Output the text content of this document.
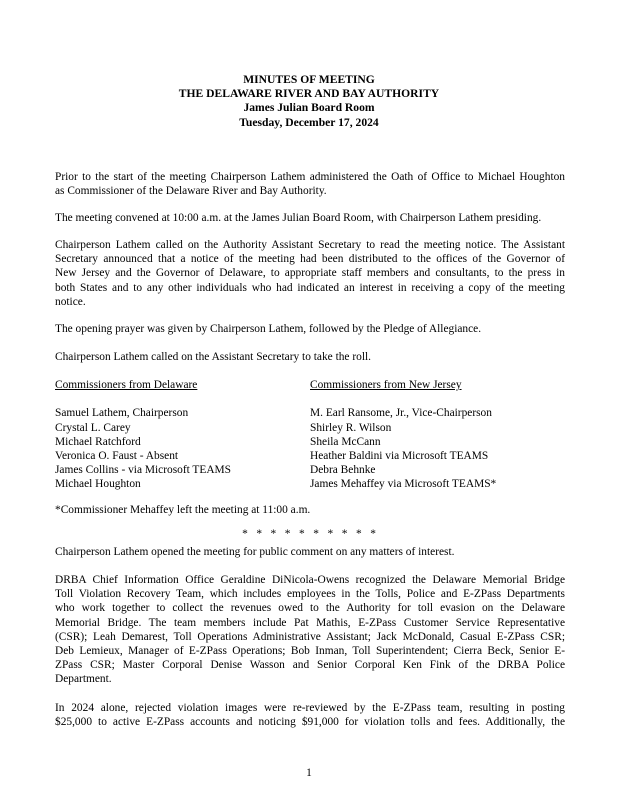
MINUTES OF MEETING
THE DELAWARE RIVER AND BAY AUTHORITY
James Julian Board Room
Tuesday, December 17, 2024
Prior to the start of the meeting Chairperson Lathem administered the Oath of Office to Michael Houghton
as Commissioner of the Delaware River and Bay Authority.
The meeting convened at 10:00 a.m. at the James Julian Board Room, with Chairperson Lathem presiding.
Chairperson Lathem called on the Authority Assistant Secretary to read the meeting notice. The Assistant
Secretary announced that a notice of the meeting had been distributed to the offices of the Governor of
New Jersey and the Governor of Delaware, to appropriate staff members and consultants, to the press in
both States and to any other individuals who had indicated an interest in receiving a copy of the meeting
notice.
The opening prayer was given by Chairperson Lathem, followed by the Pledge of Allegiance.
Chairperson Lathem called on the Assistant Secretary to take the roll.
Commissioners from Delaware
Samuel Lathem, Chairperson
Crystal L. Carey
Michael Ratchford
Veronica O. Faust - Absent
James Collins - via Microsoft TEAMS
Michael Houghton
Commissioners from New Jersey
M. Earl Ransome, Jr., Vice-Chairperson
Shirley R. Wilson
Sheila McCann
Heather Baldini via Microsoft TEAMS
Debra Behnke
James Mehaffey via Microsoft TEAMS*
*Commissioner Mehaffey left the meeting at 11:00 a.m.
*   *   *   *   *   *   *   *   *   *
Chairperson Lathem opened the meeting for public comment on any matters of interest.
DRBA Chief Information Office Geraldine DiNicola-Owens recognized the Delaware Memorial Bridge
Toll Violation Recovery Team, which includes employees in the Tolls, Police and E-ZPass Departments
who work together to collect the revenues owed to the Authority for toll evasion on the Delaware
Memorial Bridge. The team members include Pat Mathis, E-ZPass Customer Service Representative
(CSR); Leah Demarest, Toll Operations Administrative Assistant; Jack McDonald, Casual E-ZPass CSR;
Deb Lemieux, Manager of E-ZPass Operations; Bob Inman, Toll Superintendent; Cierra Beck, Senior E-
ZPass CSR; Master Corporal Denise Wasson and Senior Corporal Ken Fink of the DRBA Police
Department.
In 2024 alone, rejected violation images were re-reviewed by the E-ZPass team, resulting in posting
$25,000 to active E-ZPass accounts and noticing $91,000 for violation tolls and fees. Additionally, the
1
